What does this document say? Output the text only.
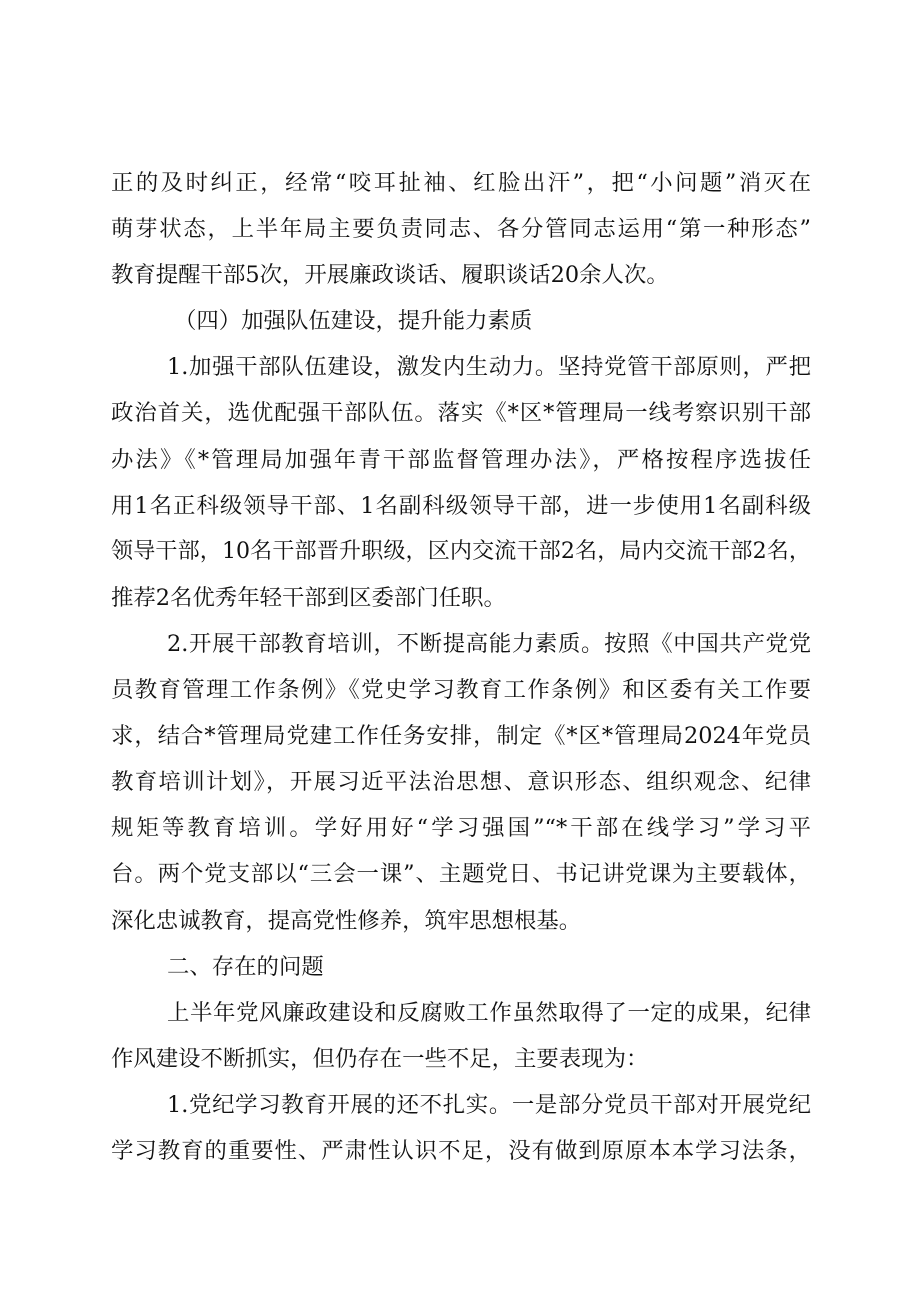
正的及时纠正，经常“咬耳扯袖、红脸出汗”，把“小问题”消灭在
萌芽状态，上半年局主要负责同志、各分管同志运用“第一种形态”
教育提醒干部5次，开展廉政谈话、履职谈话20余人次。
（四）加强队伍建设，提升能力素质
1.加强干部队伍建设，激发内生动力。坚持党管干部原则，严把
政治首关，选优配强干部队伍。落实《*区*管理局一线考察识别干部
办法》《*管理局加强年青干部监督管理办法》，严格按程序选拔任
用1名正科级领导干部、1名副科级领导干部，进一步使用1名副科级
领导干部，10名干部晋升职级，区内交流干部2名，局内交流干部2名，
推荐2名优秀年轻干部到区委部门任职。
2.开展干部教育培训，不断提高能力素质。按照《中国共产党党
员教育管理工作条例》《党史学习教育工作条例》和区委有关工作要
求，结合*管理局党建工作任务安排，制定《*区*管理局2024年党员
教育培训计划》，开展习近平法治思想、意识形态、组织观念、纪律
规矩等教育培训。学好用好“学习强国”“*干部在线学习”学习平
台。两个党支部以“三会一课”、主题党日、书记讲党课为主要载体，
深化忠诚教育，提高党性修养，筑牢思想根基。
二、存在的问题
上半年党风廉政建设和反腐败工作虽然取得了一定的成果，纪律
作风建设不断抓实，但仍存在一些不足，主要表现为：
1.党纪学习教育开展的还不扎实。一是部分党员干部对开展党纪
学习教育的重要性、严肃性认识不足，没有做到原原本本学习法条，
